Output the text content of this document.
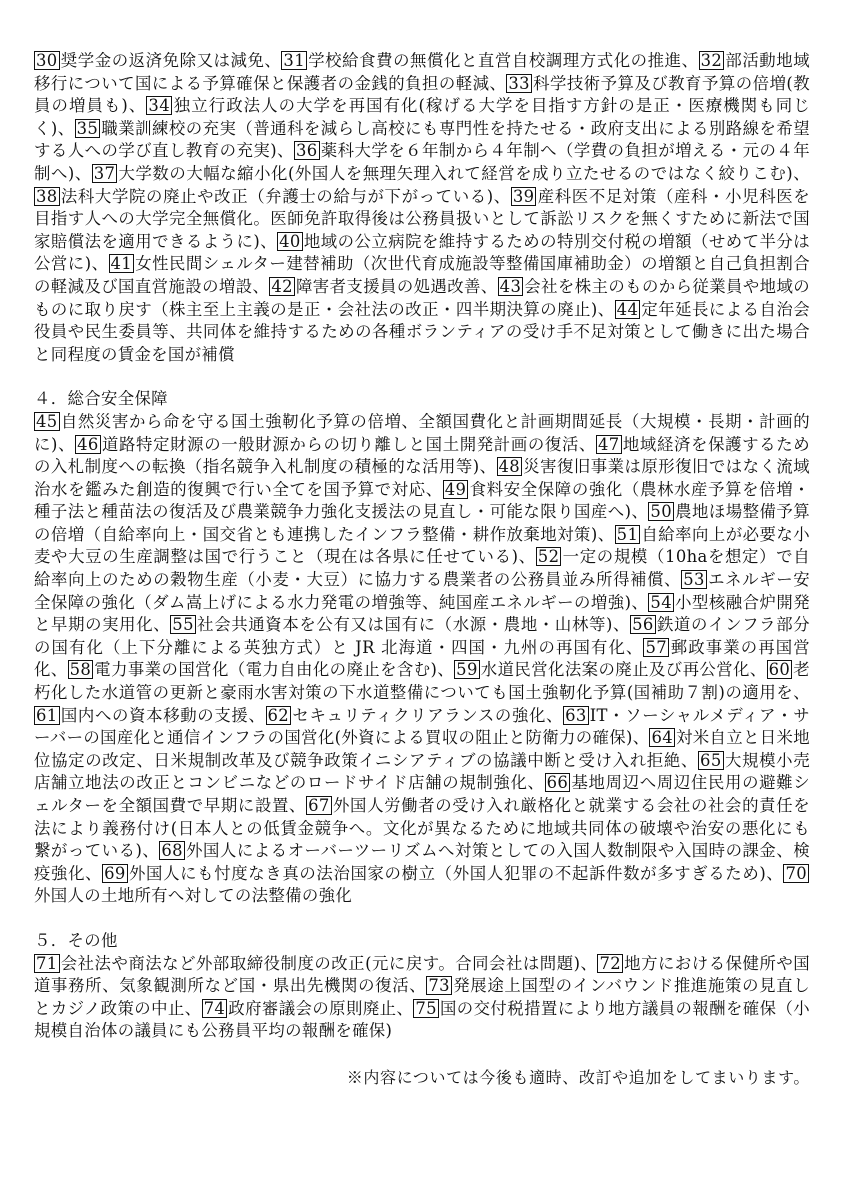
30 奨学金の返済免除又は減免、 31 学校給食費の無償化と直営自校調理方式化の推進、 32 部活動地域移行について国による予算確保と保護者の金銭的負担の軽減、 33 科学技術予算及び教育予算の倍増(教員の増員も)、 34 独立行政法人の大学を再国有化(稼げる大学を目指す方針の是正・医療機関も同じく)、 35 職業訓練校の充実（普通科を減らし高校にも専門性を持たせる・政府支出による別路線を希望する人への学び直し教育の充実)、 36 薬科大学を６年制から４年制へ（学費の負担が増える・元の４年制へ)、 37 大学数の大幅な縮小化(外国人を無理矢理入れて経営を成り立たせるのではなく絞りこむ)、38 法科大学院の廃止や改正（弁護士の給与が下がっている)、 39 産科医不足対策（産科・小児科医を目指す人への大学完全無償化。医師免許取得後は公務員扱いとして訴訟リスクを無くすために新法で国家賠償法を適用できるように)、 40 地域の公立病院を維持するための特別交付税の増額（せめて半分は公営に)、 41 女性民間シェルター建替補助（次世代育成施設等整備国庫補助金）の増額と自己負担割合の軽減及び国直営施設の増設、 42 障害者支援員の処遇改善、 43 会社を株主のものから従業員や地域のものに取り戻す（株主至上主義の是正・会社法の改正・四半期決算の廃止)、 44 定年延長による自治会役員や民生委員等、共同体を維持するための各種ボランティアの受け手不足対策として働きに出た場合と同程度の賃金を国が補償

４．総合安全保障

45 自然災害から命を守る国土強靭化予算の倍増、全額国費化と計画期間延長（大規模・長期・計画的に)、 46 道路特定財源の一般財源からの切り離しと国土開発計画の復活、 47 地域経済を保護するための入札制度への転換（指名競争入札制度の積極的な活用等)、 48 災害復旧事業は原形復旧ではなく流域治水を鑑みた創造的復興で行い全てを国予算で対応、 49 食料安全保障の強化（農林水産予算を倍増・種子法と種苗法の復活及び農業競争力強化支援法の見直し・可能な限り国産へ)、 50 農地ほ場整備予算の倍増（自給率向上・国交省とも連携したインフラ整備・耕作放棄地対策)、 51 自給率向上が必要な小麦や大豆の生産調整は国で行うこと（現在は各県に任せている)、 52 一定の規模（10haを想定）で自給率向上のための穀物生産（小麦・大豆）に協力する農業者の公務員並み所得補償、 53 エネルギー安全保障の強化（ダム嵩上げによる水力発電の増強等、純国産エネルギーの増強)、 54 小型核融合炉開発と早期の実用化、 55 社会共通資本を公有又は国有に（水源・農地・山林等)、 56 鉄道のインフラ部分の国有化（上下分離による英独方式）と JR 北海道・四国・九州の再国有化、 57 郵政事業の再国営化、 58 電力事業の国営化（電力自由化の廃止を含む)、 59 水道民営化法案の廃止及び再公営化、 60 老朽化した水道管の更新と豪雨水害対策の下水道整備についても国土強靭化予算(国補助７割)の適用を、61 国内への資本移動の支援、 62 セキュリティクリアランスの強化、 63 IT・ソーシャルメディア・サーバーの国産化と通信インフラの国営化(外資による買収の阻止と防衛力の確保)、 64 対米自立と日米地位協定の改定、日米規制改革及び競争政策イニシアティブの協議中断と受け入れ拒絶、 65 大規模小売店舗立地法の改正とコンビニなどのロードサイド店舗の規制強化、 66 基地周辺へ周辺住民用の避難シェルターを全額国費で早期に設置、 67 外国人労働者の受け入れ厳格化と就業する会社の社会的責任を法により義務付け(日本人との低賃金競争へ。文化が異なるために地域共同体の破壊や治安の悪化にも繋がっている)、 68 外国人によるオーバーツーリズムへ対策としての入国人数制限や入国時の課金、検疫強化、 69 外国人にも忖度なき真の法治国家の樹立（外国人犯罪の不起訴件数が多すぎるため)、 70外国人の土地所有へ対しての法整備の強化

５．その他

71 会社法や商法など外部取締役制度の改正(元に戻す。合同会社は問題)、 72 地方における保健所や国道事務所、気象観測所など国・県出先機関の復活、 73 発展途上国型のインバウンド推進施策の見直しとカジノ政策の中止、 74 政府審議会の原則廃止、 75 国の交付税措置により地方議員の報酬を確保（小規模自治体の議員にも公務員平均の報酬を確保)

※内容については今後も適時、改訂や追加をしてまいります。
